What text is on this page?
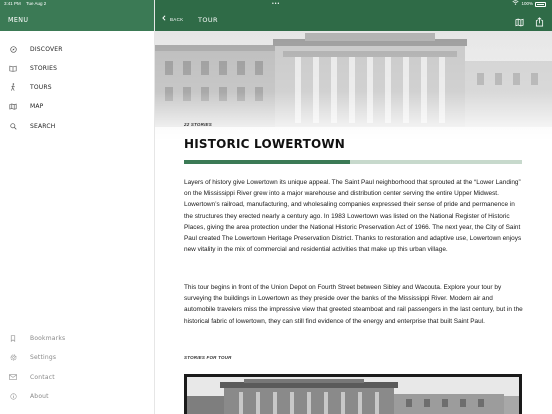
MENU
DISCOVER
STORIES
TOURS
MAP
SEARCH
Bookmarks
Settings
Contact
About
BACK TOUR
22 STORIES
HISTORIC LOWERTOWN

Layers of history give Lowertown its unique appeal. The Saint Paul neighborhood that sprouted at the “Lower Landing” on the Mississippi River grew into a major warehouse and distribution center serving the entire Upper Midwest. Lowertown’s railroad, manufacturing, and wholesaling companies expressed their sense of pride and permanence in the structures they erected nearly a century ago. In 1983 Lowertown was listed on the National Register of Historic Places, giving the area protection under the National Historic Preservation Act of 1966. The next year, the City of Saint Paul created The Lowertown Heritage Preservation District. Thanks to restoration and adaptive use, Lowertown enjoys new vitality in the mix of commercial and residential activities that make up this urban village.

This tour begins in front of the Union Depot on Fourth Street between Sibley and Wacouta. Explore your tour by surveying the buildings in Lowertown as they preside over the banks of the Mississippi River. Modern air and automobile travelers miss the impressive view that greeted steamboat and rail passengers in the last century, but in the historical fabric of lowertown, they can still find evidence of the energy and enterprise that built Saint Paul.

STORIES FOR TOUR
3:41 PM Tue Aug 2	•••	100%
